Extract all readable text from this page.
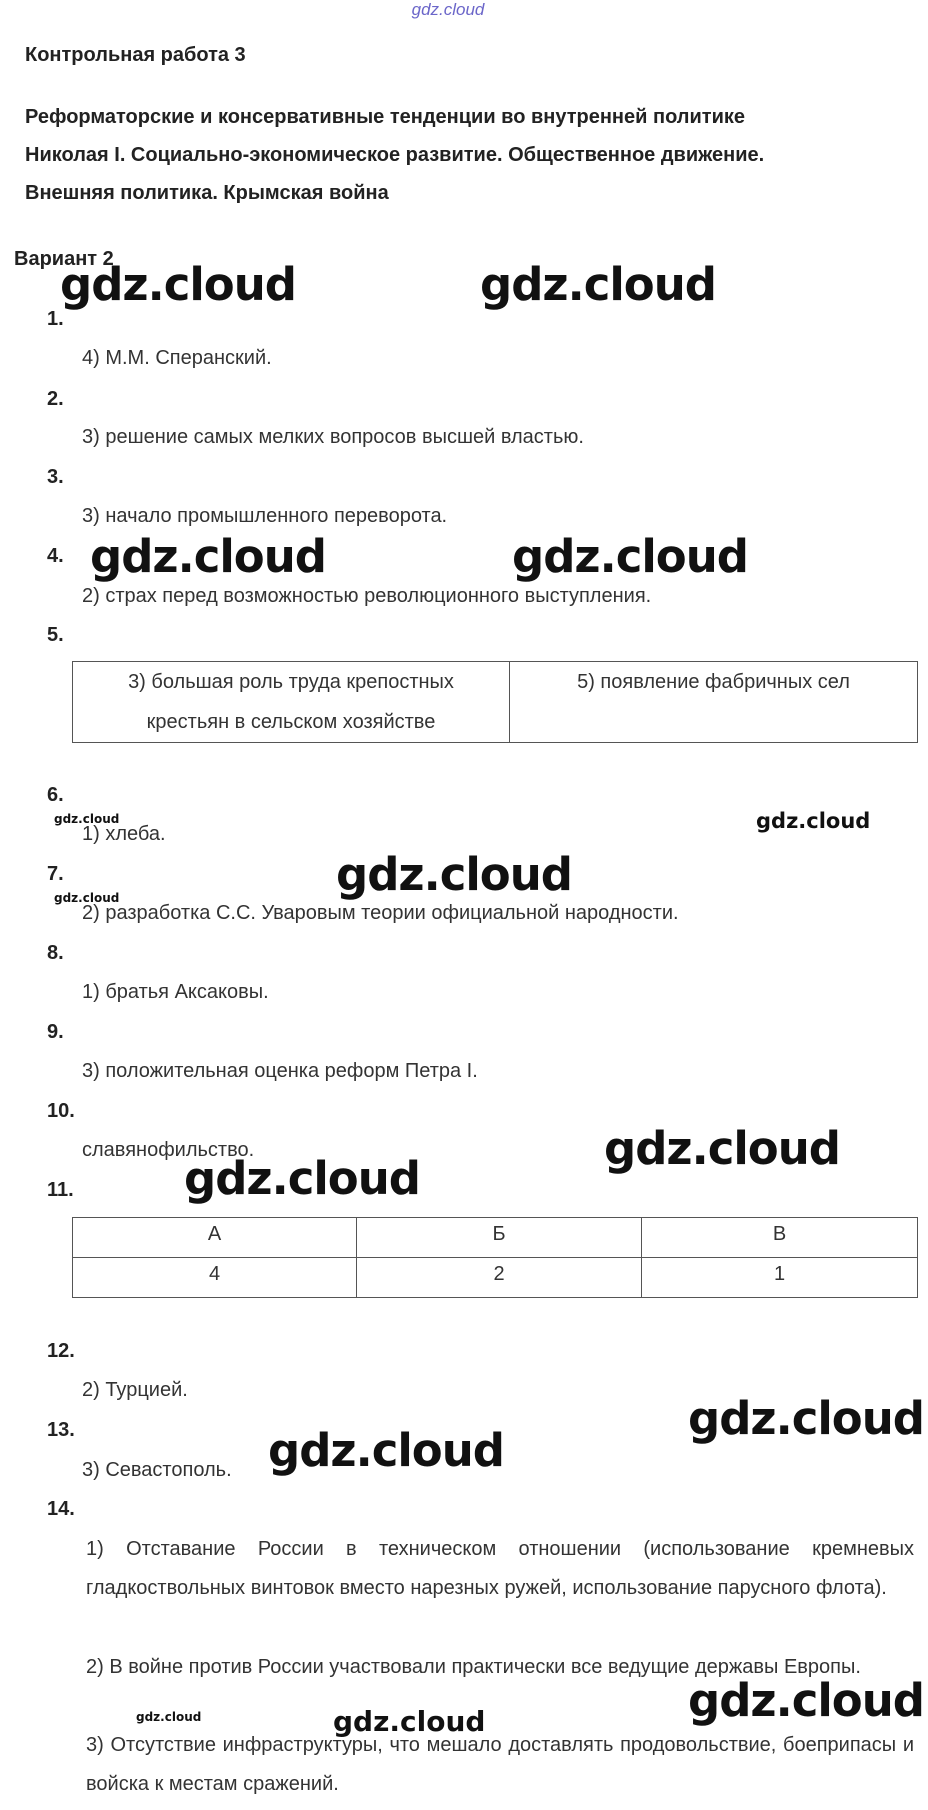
gdz.cloud
Контрольная работа 3
Реформаторские и консервативные тенденции во внутренней политике
Николая I. Социально-экономическое развитие. Общественное движение.
Внешняя политика. Крымская война
Вариант 2
1.
2.
3.
4.
5.
6.
7.
8.
9.
10.
11.
12.
13.
14.
4) М.М. Сперанский.
3) решение самых мелких вопросов высшей властью.
3) начало промышленного переворота.
2) страх перед возможностью революционного выступления.
1) хлеба.
2) разработка С.С. Уваровым теории официальной народности.
1) братья Аксаковы.
3) положительная оценка реформ Петра I.
славянофильство.
2) Турцией.
3) Севастополь.
3) большая роль труда крепостных
крестьян в сельском хозяйстве	5) появление фабричных сел
А	Б	В
4	2	1
1) Отставание России в техническом отношении (использование кремневых гладкоствольных винтовок вместо нарезных ружей, использование парусного флота).
2) В войне против России участвовали практически все ведущие державы Европы.
3) Отсутствие инфраструктуры, что мешало доставлять продовольствие, боеприпасы и войска к местам сражений.
gdz.cloud	gdz.cloud
gdz.cloud	gdz.cloud
gdz.cloud	gdz.cloud
gdz.cloud
gdz.cloud
gdz.cloud
gdz.cloud
gdz.cloud
gdz.cloud
gdz.cloud
gdz.cloud	gdz.cloud
